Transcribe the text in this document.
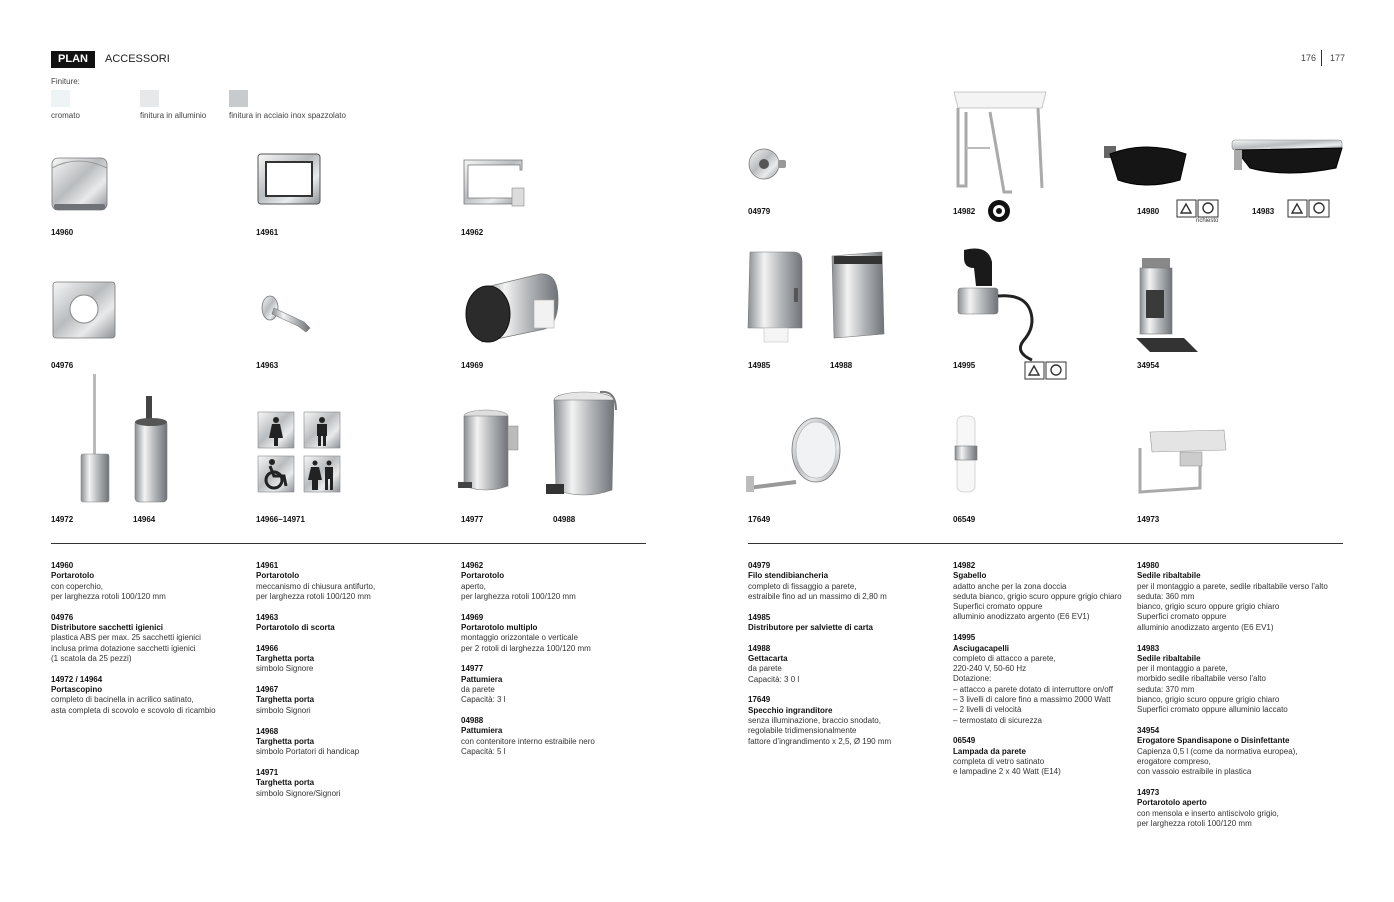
PLAN	ACCESSORI	176 177
Finiture:
cromato	finitura in alluminio	finitura in acciaio inox spazzolato
richiesto
14960	14961	14962
04976	14963	14969
14972	14964	14966–14971	14977	04988
04979	14982	14980	14983
14985	14988	14995	34954
17649	06549	14973
14960
Portarotolo
con coperchio,
per larghezza rotoli 100/120 mm
04976
Distributore sacchetti igienici
plastica ABS per max. 25 sacchetti igienici
inclusa prima dotazione sacchetti igienici
(1 scatola da 25 pezzi)
14972 / 14964
Portascopino
completo di bacinella in acrilico satinato,
asta completa di scovolo e scovolo di ricambio
14961
Portarotolo
meccanismo di chiusura antifurto,
per larghezza rotoli 100/120 mm
14963
Portarotolo di scorta
14966
Targhetta porta
simbolo Signore
14967
Targhetta porta
simbolo Signori
14968
Targhetta porta
simbolo Portatori di handicap
14971
Targhetta porta
simbolo Signore/Signori
14962
Portarotolo
aperto,
per larghezza rotoli 100/120 mm
14969
Portarotolo multiplo
montaggio orizzontale o verticale
per 2 rotoli di larghezza 100/120 mm
14977
Pattumiera
da parete
Capacità: 3 l
04988
Pattumiera
con contenitore interno estraibile nero
Capacità: 5 l
04979
Filo stendibiancheria
completo di fissaggio a parete,
estraibile fino ad un massimo di 2,80 m
14985
Distributore per salviette di carta
14988
Gettacarta
da parete
Capacità: 3 0 l
17649
Specchio ingranditore
senza illuminazione, braccio snodato,
regolabile tridimensionalmente
fattore d’ingrandimento x 2,5, Ø 190 mm
14982
Sgabello
adatto anche per la zona doccia
seduta bianco, grigio scuro oppure grigio chiaro
Superfici cromato oppure
alluminio anodizzato argento (E6 EV1)
14995
Asciugacapelli
completo di attacco a parete,
220-240 V, 50-60 Hz
Dotazione:
– attacco a parete dotato di interruttore on/off
– 3 livelli di calore fino a massimo 2000 Watt
– 2 livelli di velocità
– termostato di sicurezza
06549
Lampada da parete
completa di vetro satinato
e lampadine 2 x 40 Watt (E14)
14980
Sedile ribaltabile
per il montaggio a parete, sedile ribaltabile verso l’alto
seduta: 360 mm
bianco, grigio scuro oppure grigio chiaro
Superfici cromato oppure
alluminio anodizzato argento (E6 EV1)
14983
Sedile ribaltabile
per il montaggio a parete,
morbido sedile ribaltabile verso l’alto
seduta: 370 mm
bianco, grigio scuro oppure grigio chiaro
Superfici cromato oppure alluminio laccato
34954
Erogatore Spandisapone o Disinfettante
Capienza 0,5 l (come da normativa europea),
erogatore compreso,
con vassoio estraibile in plastica
14973
Portarotolo aperto
con mensola e inserto antiscivolo grigio,
per larghezza rotoli 100/120 mm
